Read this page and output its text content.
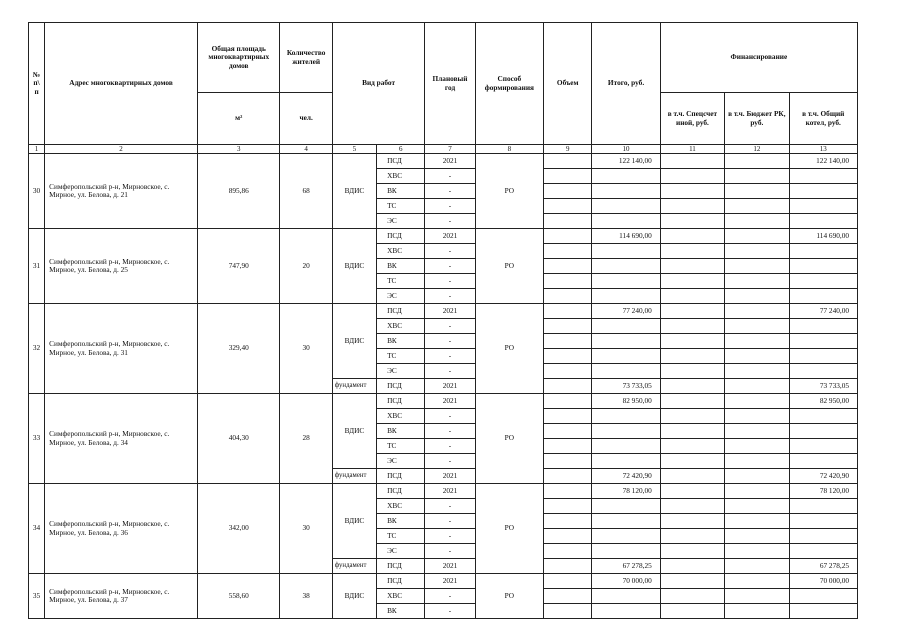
№ п\ п	Адрес многоквартирных домов	Общая площадь многоквартирных домов	Количество жителей	Вид работ		Плановый год	Способ формирования	Объем	Итого, руб.	Финансирование		
		м²	чел.							в т.ч. Спецсчет иной, руб.	в т.ч. Бюджет РК, руб.	в т.ч. Общий котел, руб.
1	2	3	4	5	6	7	8	9	10	11	12	13
30	Симферопольский р-н, Мирновское, с. Мирное, ул. Белова, д. 21	895,86	68	ВДИС	ПСД	2021	РО		122 140,00			122 140,00
					ХВС	-						
					ВК	-						
					ТС	-						
					ЭС	-						
31	Симферопольский р-н, Мирновское, с. Мирное, ул. Белова, д. 25	747,90	20	ВДИС	ПСД	2021	РО		114 690,00			114 690,00
					ХВС	-						
					ВК	-						
					ТС	-						
					ЭС	-						
32	Симферопольский р-н, Мирновское, с. Мирное, ул. Белова, д. 31	329,40	30	ВДИС	ПСД	2021	РО		77 240,00			77 240,00
					ХВС	-						
					ВК	-						
					ТС	-						
					ЭС	-						
				фундамент	ПСД	2021			73 733,05			73 733,05
33	Симферопольский р-н, Мирновское, с. Мирное, ул. Белова, д. 34	404,30	28	ВДИС	ПСД	2021	РО		82 950,00			82 950,00
					ХВС	-						
					ВК	-						
					ТС	-						
					ЭС	-						
				фундамент	ПСД	2021			72 420,90			72 420,90
34	Симферопольский р-н, Мирновское, с. Мирное, ул. Белова, д. 36	342,00	30	ВДИС	ПСД	2021	РО		78 120,00			78 120,00
					ХВС	-						
					ВК	-						
					ТС	-						
					ЭС	-						
				фундамент	ПСД	2021			67 278,25			67 278,25
35	Симферопольский р-н, Мирновское, с. Мирное, ул. Белова, д. 37	558,60	38	ВДИС	ПСД	2021	РО		70 000,00			70 000,00
					ХВС	-						
					ВК	-						
